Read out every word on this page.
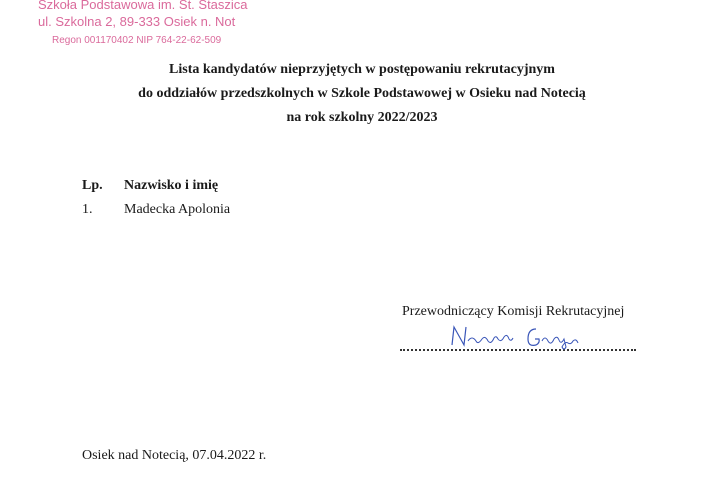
Szkoła Podstawowa im. St. Staszica
ul. Szkolna 2, 89-333 Osiek n. Not
Regon 001170402 NIP 764-22-62-509
Lista kandydatów nieprzyjętych w postępowaniu rekrutacyjnym
do oddziałów przedszkolnych w Szkole Podstawowej w Osieku nad Notecią
na rok szkolny 2022/2023
Lp. Nazwisko i imię
1. Madecka Apolonia
Przewodniczący Komisji Rekrutacyjnej
Osiek nad Notecią, 07.04.2022 r.
